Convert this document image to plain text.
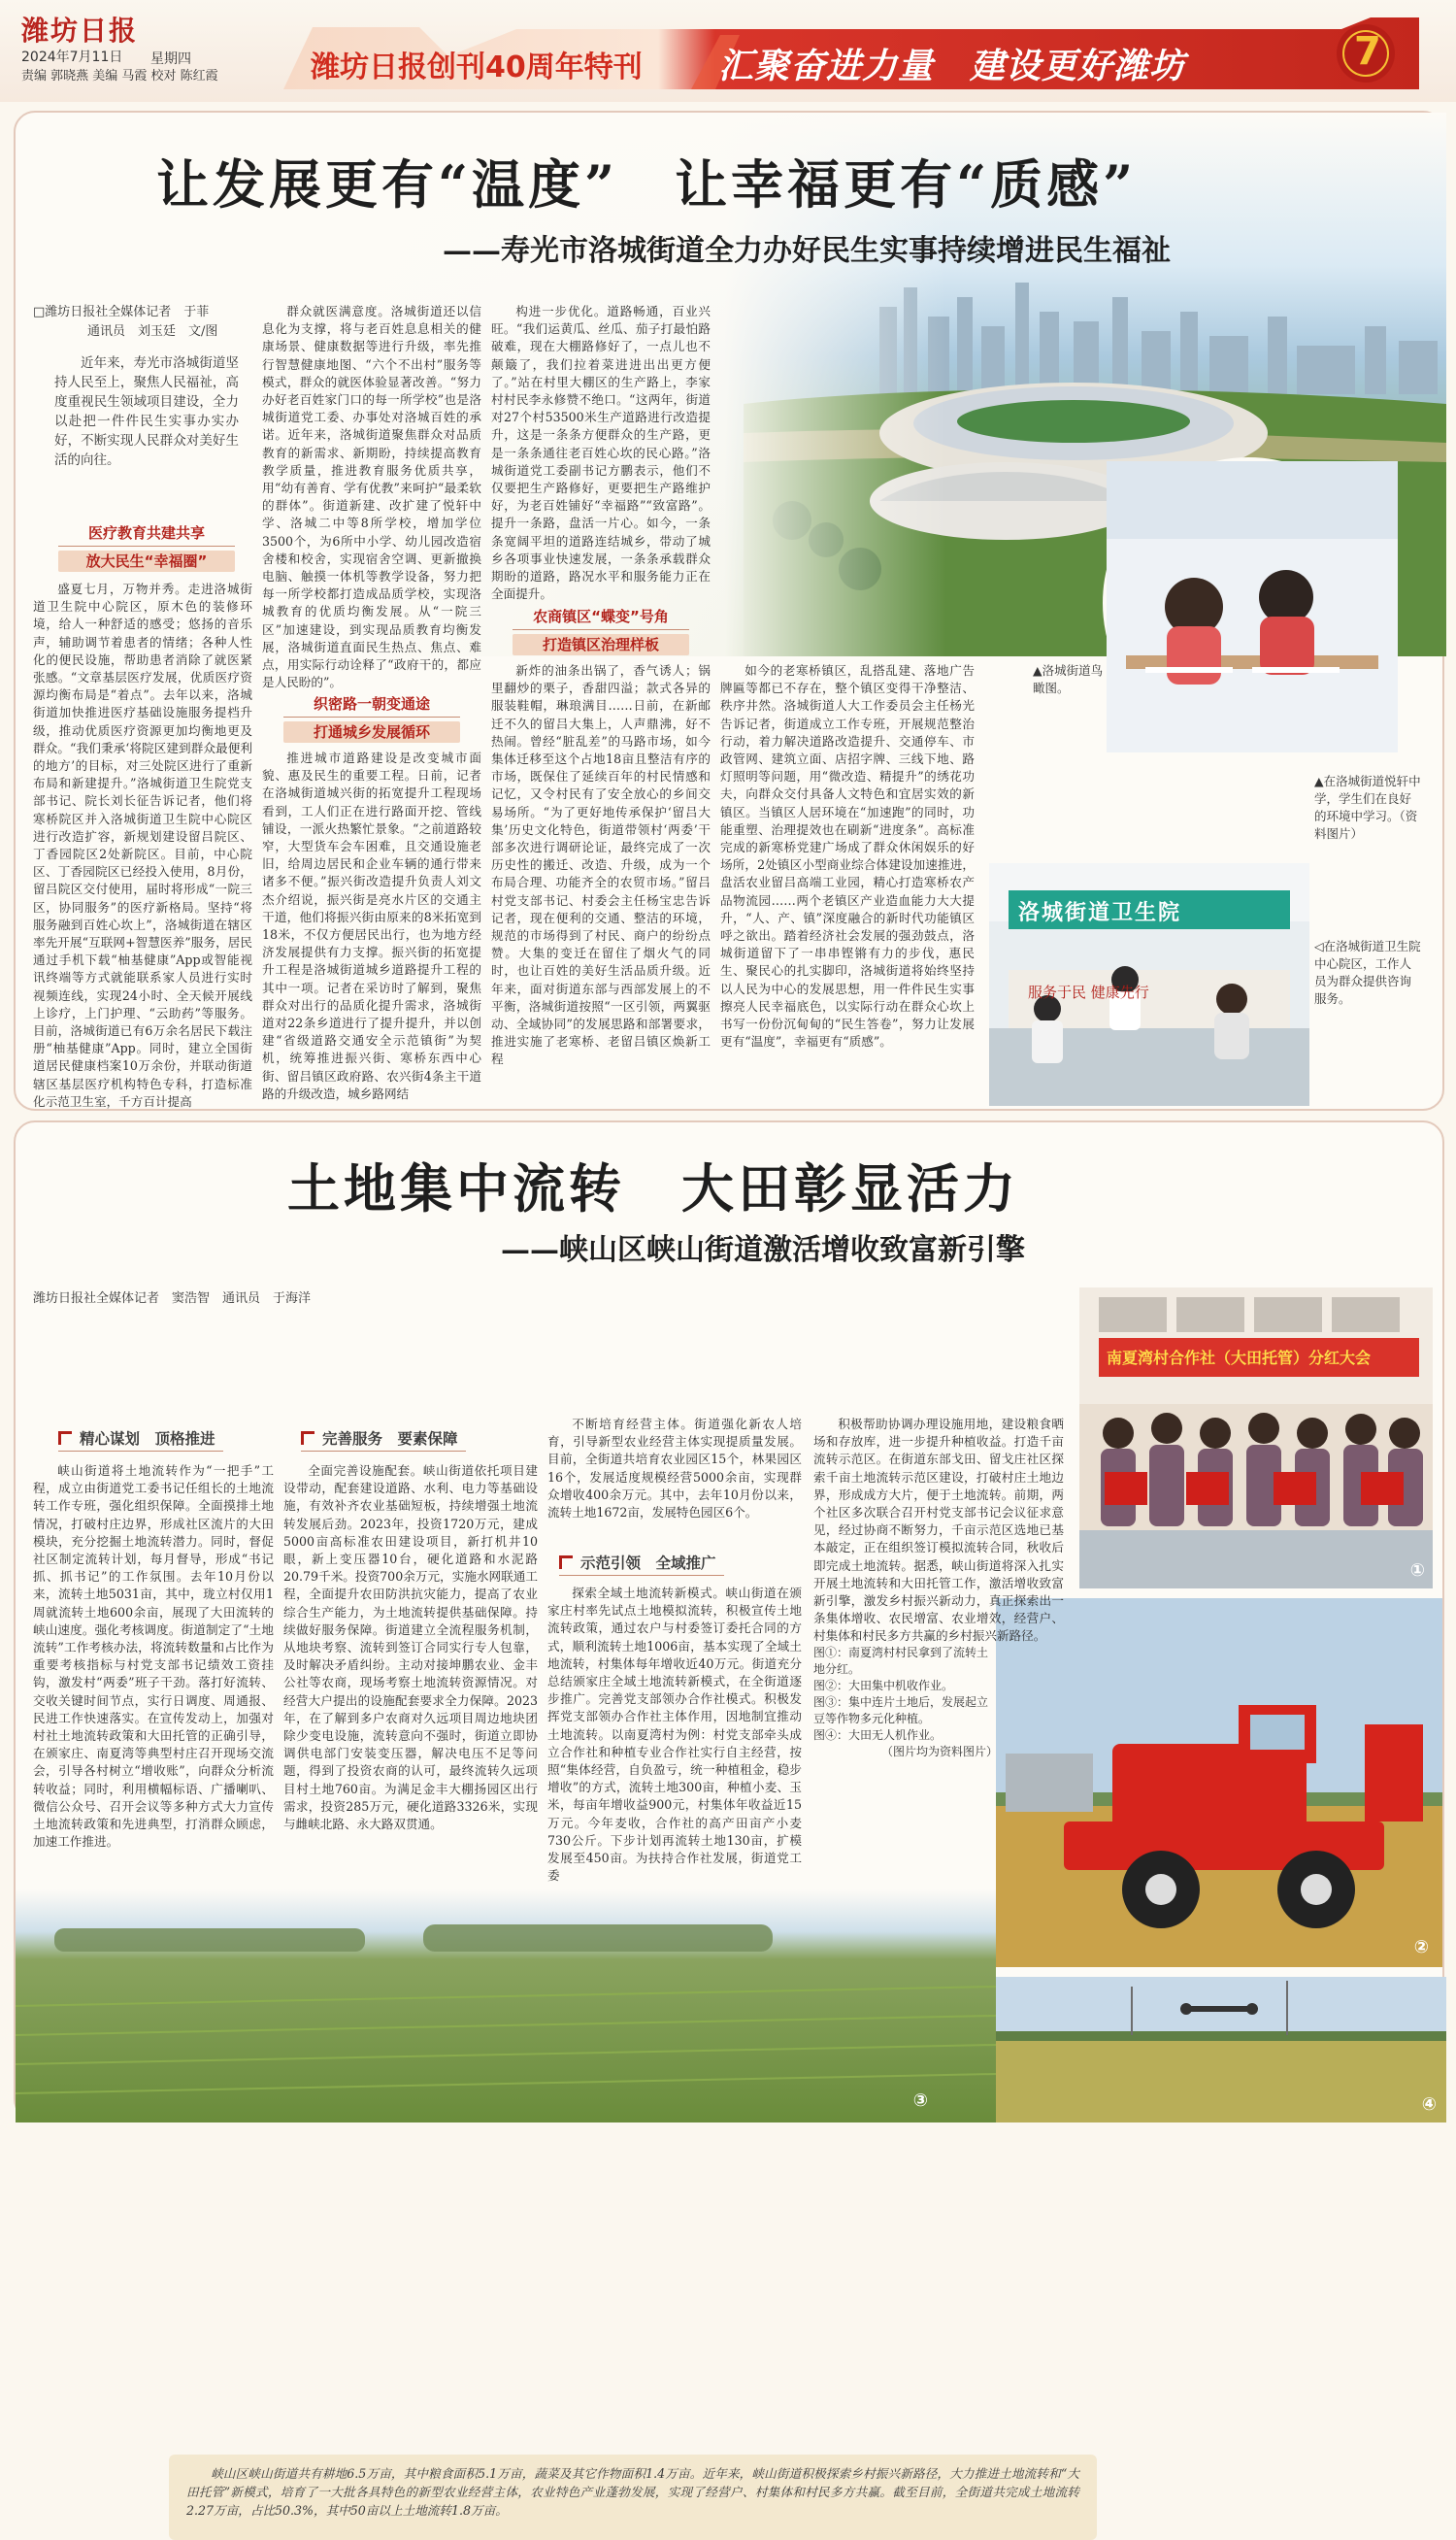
潍坊日报
2024年7月11日
责编 郭晓燕 美编 马霞 校对 陈红霞
星期四	潍坊日报创刊40周年特刊 汇聚奋进力量　建设更好潍坊	7
▲洛城街道鸟瞰图。
洛城街道卫生院
服务于民 健康先行
▲在洛城街道悦轩中学，学生们在良好的环境中学习。（资料图片）
◁在洛城街道卫生院中心院区，工作人员为群众提供咨询服务。
让发展更有“温度”　让幸福更有“质感”
——寿光市洛城街道全力办好民生实事持续增进民生福祉
□潍坊日报社全媒体记者　于菲
通讯员　刘玉廷　文/图

近年来，寿光市洛城街道坚持人民至上，聚焦人民福祉，高度重视民生领域项目建设，全力以赴把一件件民生实事办实办好，不断实现人民群众对美好生活的向往。

医疗教育共建共享
放大民生“幸福圈”

盛夏七月，万物并秀。走进洛城街道卫生院中心院区，原木色的装修环境，给人一种舒适的感受；悠扬的音乐声，辅助调节着患者的情绪；各种人性化的便民设施，帮助患者消除了就医紧张感。“文章基层医疗发展，优质医疗资源均衡布局是“着点”。去年以来，洛城街道加快推进医疗基础设施服务提档升级，推动优质医疗资源更加均衡地更及群众。“我们秉承‘将院区建到群众最便利的地方’的目标，对三处院区进行了重新布局和新建提升。”洛城街道卫生院党支部书记、院长刘长征告诉记者，他们将寒桥院区并入洛城街道卫生院中心院区进行改造扩容，新规划建设留吕院区、丁香园院区2处新院区。目前，中心院区、丁香园院区已经投入使用，8月份，留吕院区交付使用，届时将形成“一院三区，协同服务”的医疗新格局。坚持“将服务融到百姓心坎上”，洛城街道在辖区率先开展“互联网+智慧医养”服务，居民通过手机下载“柚基健康”App或智能视讯终端等方式就能联系家人员进行实时视频连线，实现24小时、全天候开展线上诊疗，上门护理、“云助药”等服务。目前，洛城街道已有6万余名居民下载注册“柚基健康”App。同时，建立全国街道居民健康档案10万余份，并联动街道辖区基层医疗机构特色专科，打造标准化示范卫生室，千方百计提高

群众就医满意度。洛城街道还以信息化为支撑，将与老百姓息息相关的健康场景、健康数据等进行升级，率先推行智慧健康地图、“六个不出村”服务等模式，群众的就医体验显著改善。“努力办好老百姓家门口的每一所学校”也是洛城街道党工委、办事处对洛城百姓的承诺。近年来，洛城街道聚焦群众对品质教育的新需求、新期盼，持续提高教育教学质量，推进教育服务优质共享，用“幼有善育、学有优教”来呵护“最柔软的群体”。街道新建、改扩建了悦轩中学、洛城二中等8所学校，增加学位3500个，为6所中小学、幼儿园改造宿舍楼和校舍，实现宿舍空调、更新撤换电脑、触摸一体机等教学设备，努力把每一所学校都打造成品质学校，实现洛城教育的优质均衡发展。从“一院三区”加速建设，到实现品质教育均衡发展，洛城街道直面民生热点、焦点、难点，用实际行动诠释了“政府干的，都应是人民盼的”。

织密路一朝变通途
打通城乡发展循环

推进城市道路建设是改变城市面貌、惠及民生的重要工程。日前，记者在洛城街道城兴街的拓宽提升工程现场看到，工人们正在进行路面开挖、管线铺设，一派火热繁忙景象。“之前道路较窄，大型货车会车困难，且交通设施老旧，给周边居民和企业车辆的通行带来诸多不便。”振兴街改造提升负责人刘文杰介绍说，振兴街是亮水片区的交通主干道，他们将振兴街由原来的8米拓宽到18米，不仅方便居民出行，也为地方经济发展提供有力支撑。振兴街的拓宽提升工程是洛城街道城乡道路提升工程的其中一项。记者在采访时了解到，聚焦群众对出行的品质化提升需求，洛城街道对22条乡道进行了提升提升，并以创建“省级道路交通安全示范镇街”为契机，统筹推进振兴街、寒桥东西中心街、留吕镇区政府路、农兴街4条主干道路的升级改造，城乡路网结

构进一步优化。道路畅通，百业兴旺。“我们运黄瓜、丝瓜、茄子打最怕路破难，现在大棚路修好了，一点儿也不颠簸了，我们拉着菜进进出出更方便了。”站在村里大棚区的生产路上，李家村村民李永修赞不绝口。“这两年，街道对27个村53500米生产道路进行改造提升，这是一条条方便群众的生产路，更是一条条通往老百姓心坎的民心路。”洛城街道党工委副书记方鹏表示，他们不仅要把生产路修好，更要把生产路维护好，为老百姓铺好“幸福路”“致富路”。提升一条路，盘活一片心。如今，一条条宽阔平坦的道路连结城乡，带动了城乡各项事业快速发展，一条条承载群众期盼的道路，路况水平和服务能力正在全面提升。

农商镇区“蝶变”号角
打造镇区治理样板

新炸的油条出锅了，香气诱人；锅里翻炒的栗子，香甜四溢；款式各异的服装鞋帽，琳琅满目……日前，在新邮迁不久的留吕大集上，人声鼎沸，好不热闹。曾经“脏乱差”的马路市场，如今集体迁移至这个占地18亩且整洁有序的市场，既保住了延续百年的村民情感和记忆，又令村民有了安全放心的乡间交易场所。“为了更好地传承保护‘留吕大集’历史文化特色，街道带领村‘两委’干部多次进行调研论证，最终完成了一次历史性的搬迁、改造、升级，成为一个布局合理、功能齐全的农贸市场。”留吕村党支部书记、村委会主任杨宝忠告诉记者，现在便利的交通、整洁的环境，规范的市场得到了村民、商户的纷纷点赞。大集的变迁在留住了烟火气的同时，也让百姓的美好生活品质升级。近年来，面对街道东部与西部发展上的不平衡，洛城街道按照“一区引领，两翼驱动、全域协同”的发展思路和部署要求，推进实施了老寒桥、老留吕镇区焕新工程

如今的老寒桥镇区，乱搭乱建、落地广告牌匾等都已不存在，整个镇区变得干净整洁、秩序井然。洛城街道人大工作委员会主任杨光告诉记者，街道成立工作专班，开展规范整治行动，着力解决道路改造提升、交通停车、市政管网、建筑立面、店招字牌、三线下地、路灯照明等问题，用“微改造、精提升”的绣花功夫，向群众交付具备人文特色和宜居实效的新镇区。当镇区人居环境在“加速跑”的同时，功能重塑、治理提效也在刷新“进度条”。高标准完成的新寒桥党建广场成了群众休闲娱乐的好场所，2处镇区小型商业综合体建设加速推进，盘活农业留吕高端工业园，精心打造寒桥农产品物流园……两个老镇区产业造血能力大大提升，“人、产、镇”深度融合的新时代功能镇区呼之欲出。踏着经济社会发展的强劲鼓点，洛城街道留下了一串串铿锵有力的步伐，惠民生、聚民心的扎实脚印，洛城街道将始终坚持以人民为中心的发展思想，用一件件民生实事擦亮人民幸福底色，以实际行动在群众心坎上书写一份份沉甸甸的“民生答卷”，努力让发展更有“温度”，幸福更有“质感”。

土地集中流转　大田彰显活力
——峡山区峡山街道激活增收致富新引擎
潍坊日报社全媒体记者　窦浩智　通讯员　于海洋
南夏湾村合作社（大田托管）分红大会
①
②
峡山区峡山街道共有耕地6.5万亩，其中粮食面积5.1万亩，蔬菜及其它作物面积1.4万亩。近年来，峡山街道积极探索乡村振兴新路径，大力推进土地流转和“大田托管”新模式，培育了一大批各具特色的新型农业经营主体，农业特色产业蓬勃发展，实现了经营户、村集体和村民多方共赢。截至目前，全街道共完成土地流转2.27万亩，占比50.3%，其中50亩以上土地流转1.8万亩。
精心谋划　顶格推进	完善服务　要素保障
示范引领　全域推广

峡山街道将土地流转作为“一把手”工程，成立由街道党工委书记任组长的土地流转工作专班，强化组织保障。全面摸排土地情况，打破村庄边界，形成社区流片的大田模块，充分挖掘土地流转潜力。同时，督促社区制定流转计划，每月督导，形成“书记抓、抓书记”的工作氛围。去年10月份以来，流转土地5031亩，其中，珑立村仅用1周就流转土地600余亩，展现了大田流转的峡山速度。强化考核调度。街道制定了“土地流转”工作考核办法，将流转数量和占比作为重要考核指标与村党支部书记绩效工资挂钩，激发村“两委”班子干劲。落打好流转、交收关键时间节点，实行日调度、周通报、民进工作快速落实。在宣传发动上，加强对村社土地流转政策和大田托管的正确引导，在颁家庄、南夏湾等典型村庄召开现场交流会，引导各村树立“增收账”，向群众分析流转收益；同时，利用横幅标语、广播喇叭、微信公众号、召开会议等多种方式大力宣传土地流转政策和先进典型，打消群众顾虑，加速工作推进。

全面完善设施配套。峡山街道依托项目建设带动，配套建设道路、水利、电力等基础设施，有效补齐农业基础短板，持续增强土地流转发展后劲。2023年，投资1720万元，建成5000亩高标准农田建设项目，新打机井10眼，新上变压器10台，硬化道路和水泥路20.79千米。投资700余万元，实施水网联通工程，全面提升农田防洪抗灾能力，提高了农业综合生产能力，为土地流转提供基础保障。持续做好服务保障。街道建立全流程服务机制，从地块考察、流转到签订合同实行专人包靠，及时解决矛盾纠纷。主动对接坤鹏农业、金丰公社等农商，现场考察土地流转资源情况。对经营大户提出的设施配套要求全力保障。2023年，在了解到多户农商对久远项目周边地块团除少变电设施，流转意向不强时，街道立即协调供电部门安装变压器，解决电压不足等问题，得到了投资农商的认可，最终流转久远项目村土地760亩。为满足金丰大棚扬园区出行需求，投资285万元，硬化道路3326米，实现与雌峡北路、永大路双贯通。

不断培育经营主体。街道强化新农人培育，引导新型农业经营主体实现提质量发展。目前，全街道共培育农业园区15个，林果园区16个，发展适度规模经营5000余亩，实现群众增收400余万元。其中，去年10月份以来，流转土地1672亩，发展特色园区6个。

探索全域土地流转新模式。峡山街道在颁家庄村率先试点土地模拟流转，积极宣传土地流转政策，通过农户与村委签订委托合同的方式，顺利流转土地1006亩，基本实现了全域土地流转，村集体每年增收近40万元。街道充分总结颁家庄全域土地流转新模式，在全街道逐步推广。完善党支部领办合作社模式。积极发挥党支部领办合作社主体作用，因地制宜推动土地流转。以南夏湾村为例：村党支部牵头成立合作社和种植专业合作社实行自主经营，按照“集体经营，自负盈亏，统一种植租金，稳步增收”的方式，流转土地300亩，种植小麦、玉米，每亩年增收益900元，村集体年收益近15万元。今年麦收，合作社的高产田亩产小麦730公斤。下步计划再流转土地130亩，扩模发展至450亩。为扶持合作社发展，街道党工委

积极帮助协调办理设施用地，建设粮食晒场和存放库，进一步提升种植收益。打造千亩流转示范区。在街道东部戈田、留戈庄社区探索千亩土地流转示范区建设，打破村庄土地边界，形成成方大片，便于土地流转。前期，两个社区多次联合召开村党支部书记会议征求意见，经过协商不断努力，千亩示范区选地已基本敲定，正在组织签订模拟流转合同，秋收后即完成土地流转。据悉，峡山街道将深入扎实开展土地流转和大田托管工作，激活增收致富新引擎，激发乡村振兴新动力，真正探索出一条集体增收、农民增富、农业增效，经营户、村集体和村民多方共赢的乡村振兴新路径。

图①：南夏湾村村民拿到了流转土地分红。
图②：大田集中机收作业。
图③：集中连片土地后，发展起立豆等作物多元化种植。
图④：大田无人机作业。
（图片均为资料图片）
③	④
